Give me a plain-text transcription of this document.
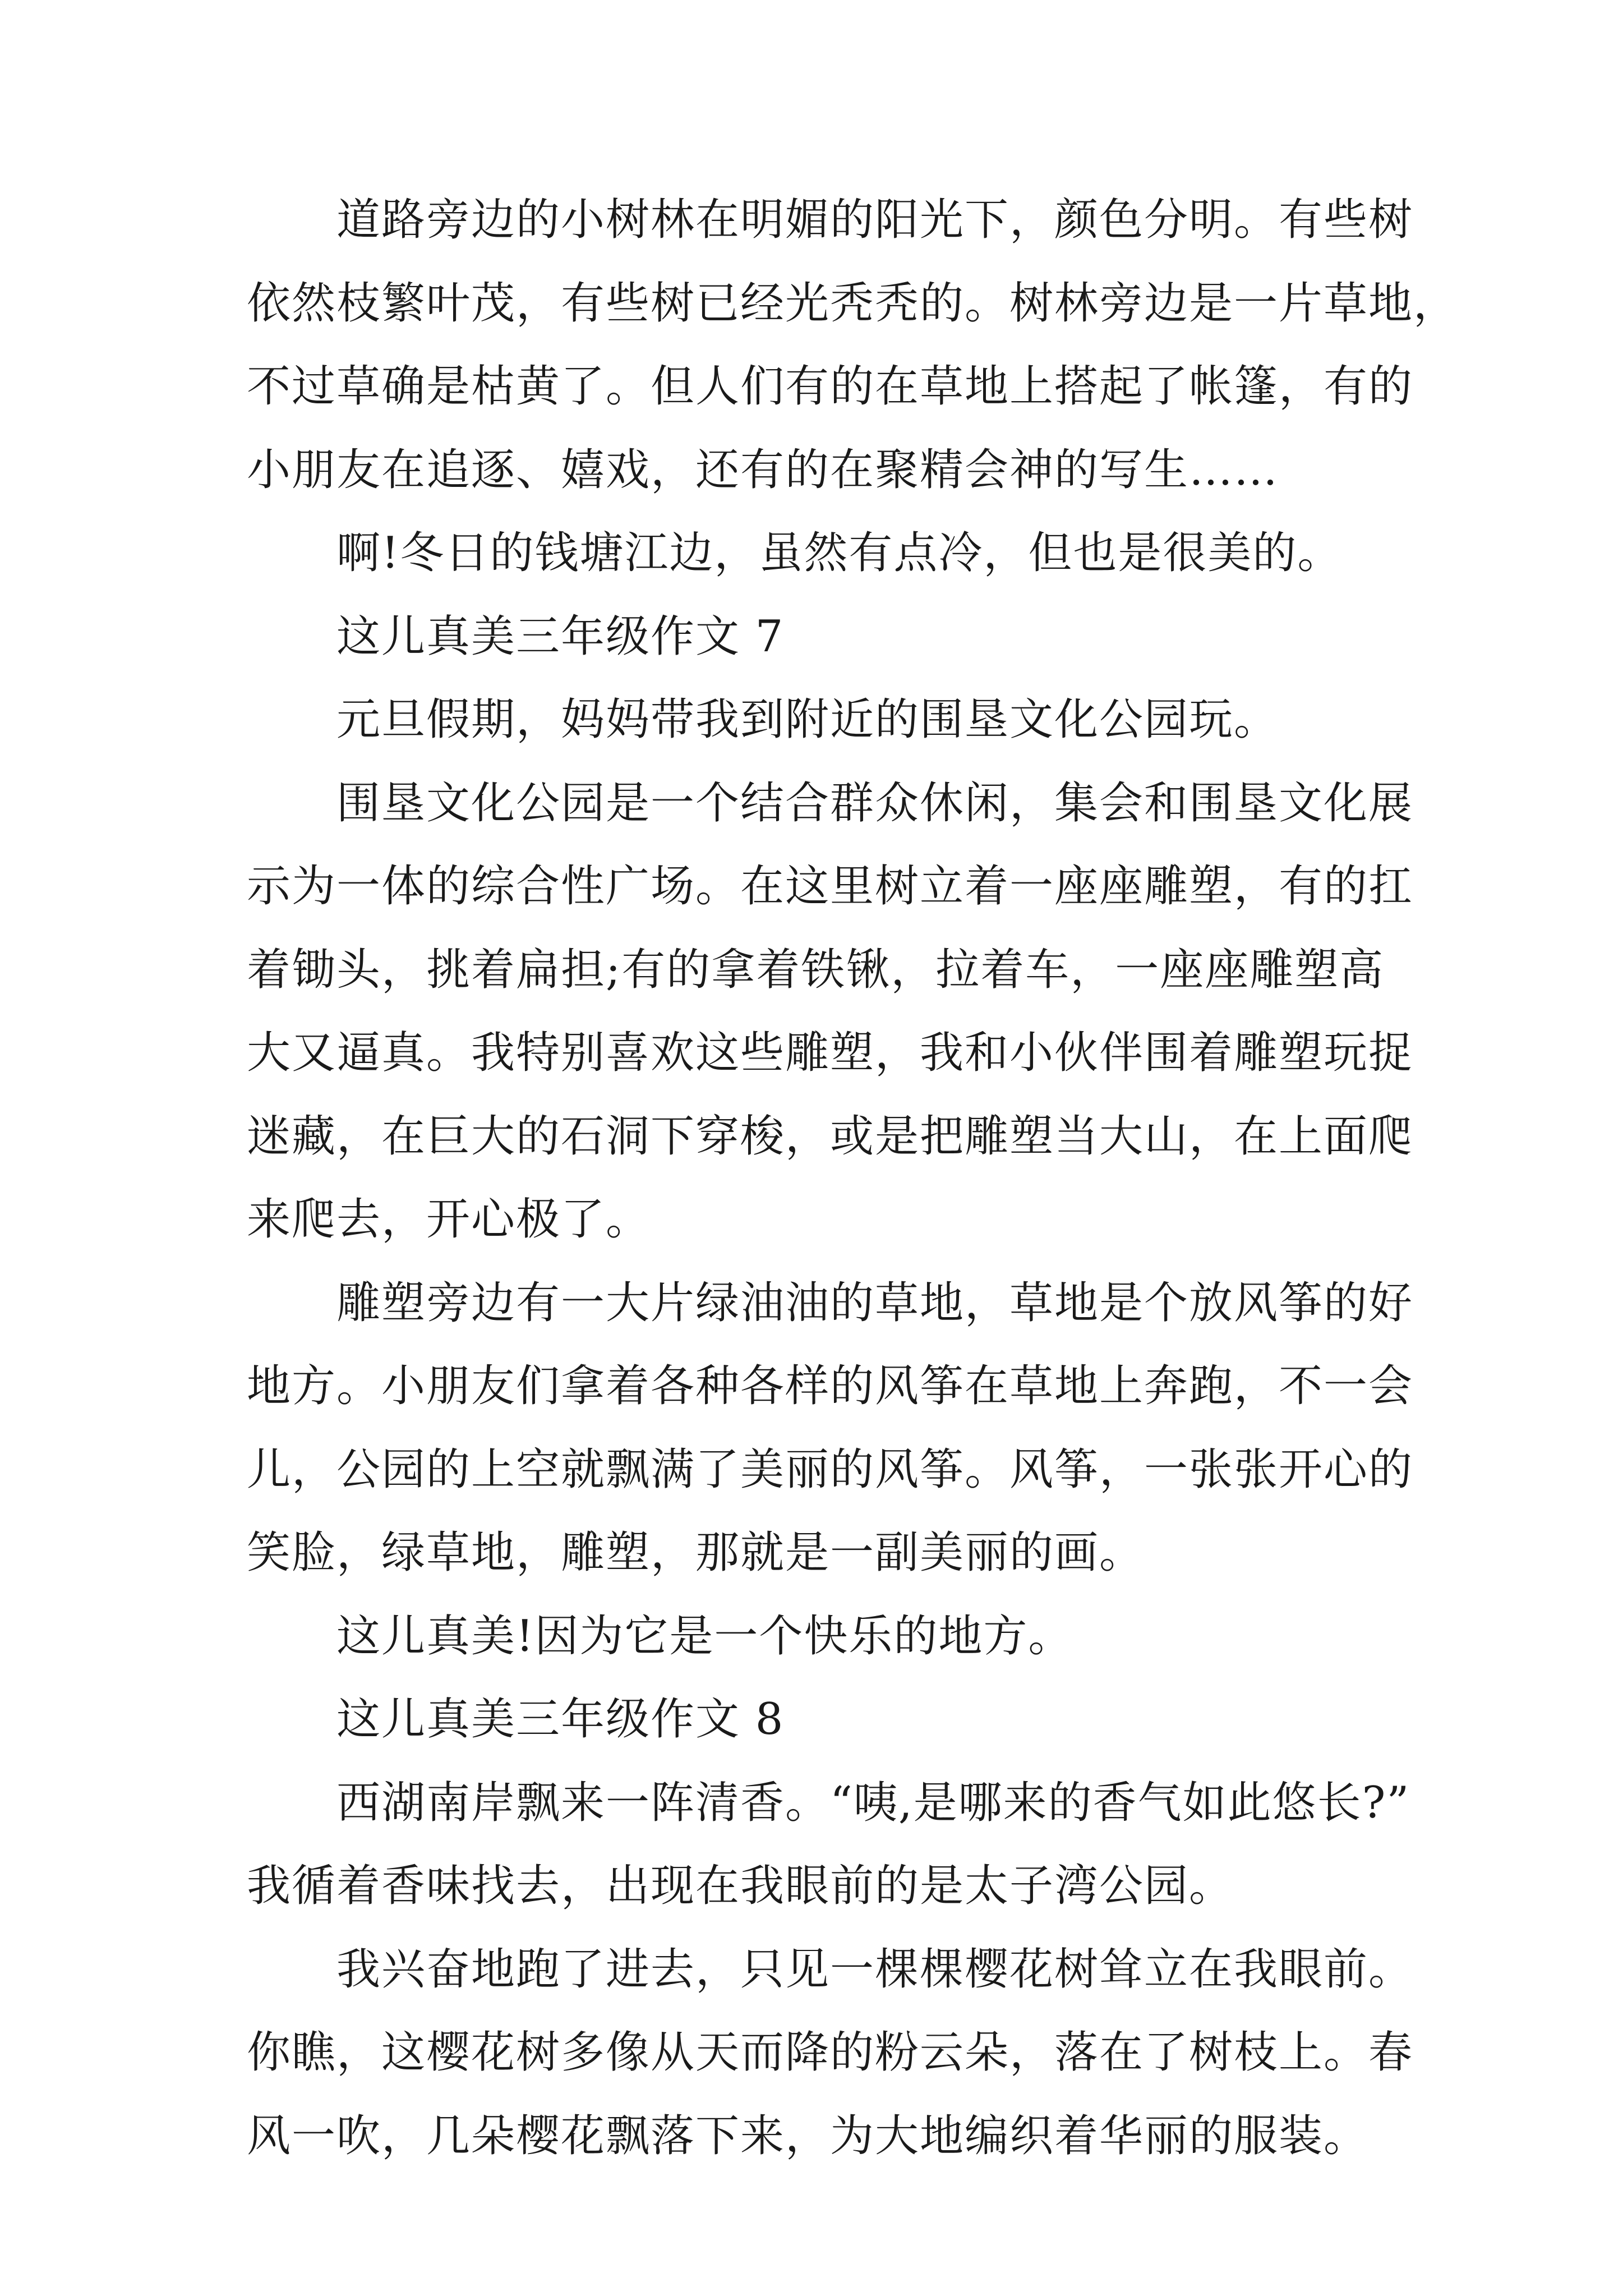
道路旁边的小树林在明媚的阳光下，颜色分明。有些树
依然枝繁叶茂，有些树已经光秃秃的。树林旁边是一片草地，
不过草确是枯黄了。但人们有的在草地上搭起了帐篷，有的
小朋友在追逐、嬉戏，还有的在聚精会神的写生……
啊!冬日的钱塘江边，虽然有点冷，但也是很美的。
这儿真美三年级作文 7
元旦假期，妈妈带我到附近的围垦文化公园玩。
围垦文化公园是一个结合群众休闲，集会和围垦文化展
示为一体的综合性广场。在这里树立着一座座雕塑，有的扛
着锄头，挑着扁担;有的拿着铁锹，拉着车，一座座雕塑高
大又逼真。我特别喜欢这些雕塑，我和小伙伴围着雕塑玩捉
迷藏，在巨大的石洞下穿梭，或是把雕塑当大山，在上面爬
来爬去，开心极了。
雕塑旁边有一大片绿油油的草地，草地是个放风筝的好
地方。小朋友们拿着各种各样的风筝在草地上奔跑，不一会
儿，公园的上空就飘满了美丽的风筝。风筝，一张张开心的
笑脸，绿草地，雕塑，那就是一副美丽的画。
这儿真美!因为它是一个快乐的地方。
这儿真美三年级作文 8
西湖南岸飘来一阵清香。“咦,是哪来的香气如此悠长?”
我循着香味找去，出现在我眼前的是太子湾公园。
我兴奋地跑了进去，只见一棵棵樱花树耸立在我眼前。
你瞧，这樱花树多像从天而降的粉云朵，落在了树枝上。春
风一吹，几朵樱花飘落下来，为大地编织着华丽的服装。
